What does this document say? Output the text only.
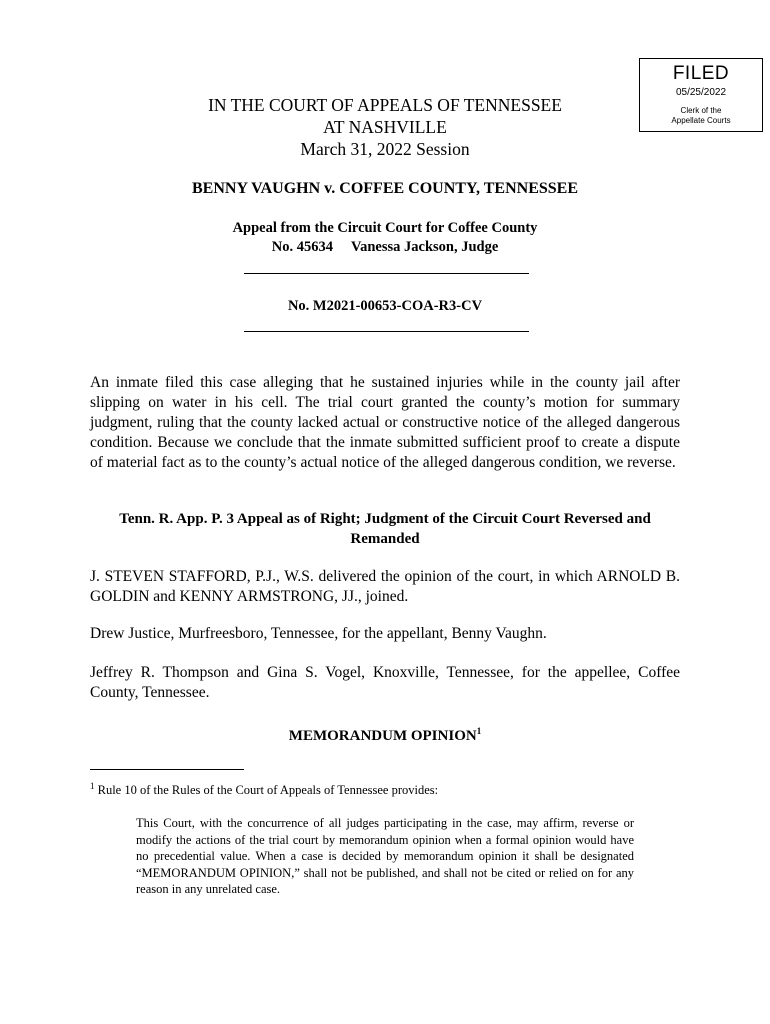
FILED
05/25/2022
Clerk of the
Appellate Courts
IN THE COURT OF APPEALS OF TENNESSEE
AT NASHVILLE
March 31, 2022 Session
BENNY VAUGHN v. COFFEE COUNTY, TENNESSEE
Appeal from the Circuit Court for Coffee County
No. 45634 Vanessa Jackson, Judge
No. M2021-00653-COA-R3-CV
An inmate filed this case alleging that he sustained injuries while in the county jail after slipping on water in his cell. The trial court granted the county’s motion for summary judgment, ruling that the county lacked actual or constructive notice of the alleged dangerous condition. Because we conclude that the inmate submitted sufficient proof to create a dispute of material fact as to the county’s actual notice of the alleged dangerous condition, we reverse.
Tenn. R. App. P. 3 Appeal as of Right; Judgment of the Circuit Court Reversed and Remanded
J. STEVEN STAFFORD, P.J., W.S. delivered the opinion of the court, in which ARNOLD B. GOLDIN and KENNY ARMSTRONG, JJ., joined.
Drew Justice, Murfreesboro, Tennessee, for the appellant, Benny Vaughn.
Jeffrey R. Thompson and Gina S. Vogel, Knoxville, Tennessee, for the appellee, Coffee County, Tennessee.
MEMORANDUM OPINION$^1$
$^1$ Rule 10 of the Rules of the Court of Appeals of Tennessee provides:
This Court, with the concurrence of all judges participating in the case, may affirm, reverse or modify the actions of the trial court by memorandum opinion when a formal opinion would have no precedential value. When a case is decided by memorandum opinion it shall be designated “MEMORANDUM OPINION,” shall not be published, and shall not be cited or relied on for any reason in any unrelated case.
